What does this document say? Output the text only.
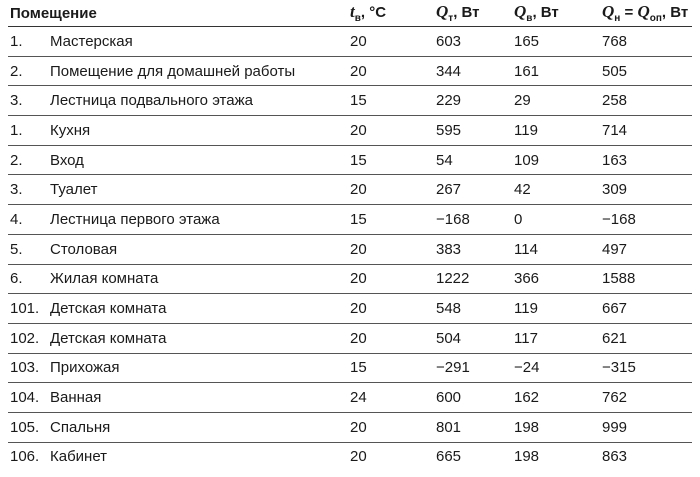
Помещение		$t_в$, °C	$Q_т$, Вт	$Q_в$, Вт	$Q_н = Q_{оп}$, Вт
1.	Мастерская	20	603	165	768
2.	Помещение для домашней работы	20	344	161	505
3.	Лестница подвального этажа	15	229	29	258
1.	Кухня	20	595	119	714
2.	Вход	15	54	109	163
3.	Туалет	20	267	42	309
4.	Лестница первого этажа	15	−168	0	−168
5.	Столовая	20	383	114	497
6.	Жилая комната	20	1222	366	1588
101.	Детская комната	20	548	119	667
102.	Детская комната	20	504	117	621
103.	Прихожая	15	−291	−24	−315
104.	Ванная	24	600	162	762
105.	Спальня	20	801	198	999
106.	Кабинет	20	665	198	863
